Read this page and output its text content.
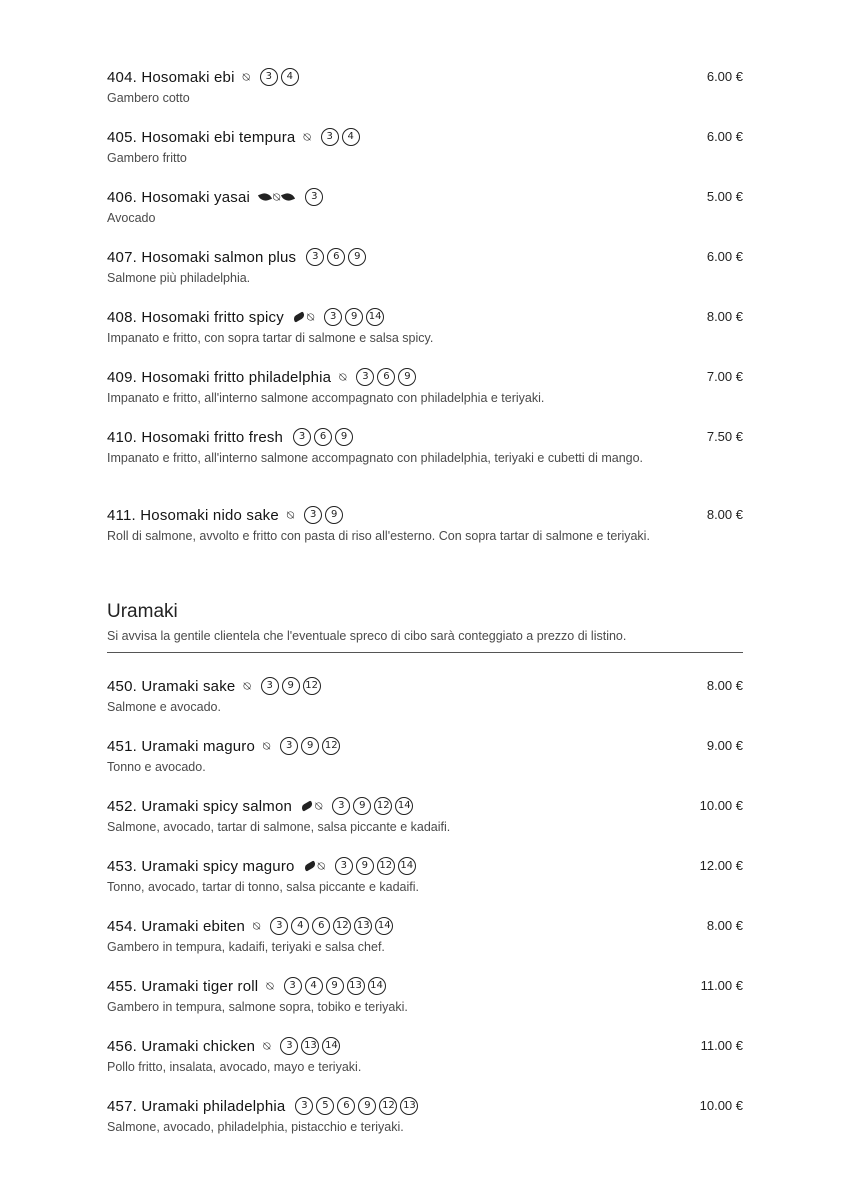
404. Hosomaki ebi ⍉	3	4
Gambero cotto
6.00 €
405. Hosomaki ebi tempura ⍉	3	4
Gambero fritto
6.00 €
406. Hosomaki yasai ⍉	3
Avocado
5.00 €
407. Hosomaki salmon plus	3	6	9
Salmone più philadelphia.
6.00 €
408. Hosomaki fritto spicy ⍉	3	9	14
Impanato e fritto, con sopra tartar di salmone e salsa spicy.
8.00 €
409. Hosomaki fritto philadelphia ⍉	3	6	9
Impanato e fritto, all'interno salmone accompagnato con philadelphia e teriyaki.
7.00 €
410. Hosomaki fritto fresh	3	6	9
Impanato e fritto, all'interno salmone accompagnato con philadelphia, teriyaki e cubetti di mango.
7.50 €
411. Hosomaki nido sake ⍉	3	9
Roll di salmone, avvolto e fritto con pasta di riso all'esterno. Con sopra tartar di salmone e teriyaki.
8.00 €
Uramaki
Si avvisa la gentile clientela che l'eventuale spreco di cibo sarà conteggiato a prezzo di listino.
450. Uramaki sake ⍉	3	9	12
Salmone e avocado.
8.00 €
451. Uramaki maguro ⍉	3	9	12
Tonno e avocado.
9.00 €
452. Uramaki spicy salmon ⍉	3	9	12 14
Salmone, avocado, tartar di salmone, salsa piccante e kadaifi.
10.00 €
453. Uramaki spicy maguro ⍉	3	9	12 14
Tonno, avocado, tartar di tonno, salsa piccante e kadaifi.
12.00 €
454. Uramaki ebiten ⍉	3	4	6	12 13 14
Gambero in tempura, kadaifi, teriyaki e salsa chef.
8.00 €
455. Uramaki tiger roll ⍉	3	4	9	13 14
Gambero in tempura, salmone sopra, tobiko e teriyaki.
11.00 €
456. Uramaki chicken ⍉	3	13 14
Pollo fritto, insalata, avocado, mayo e teriyaki.
11.00 €
457. Uramaki philadelphia	3	5	6	9	12 13
Salmone, avocado, philadelphia, pistacchio e teriyaki.
10.00 €
